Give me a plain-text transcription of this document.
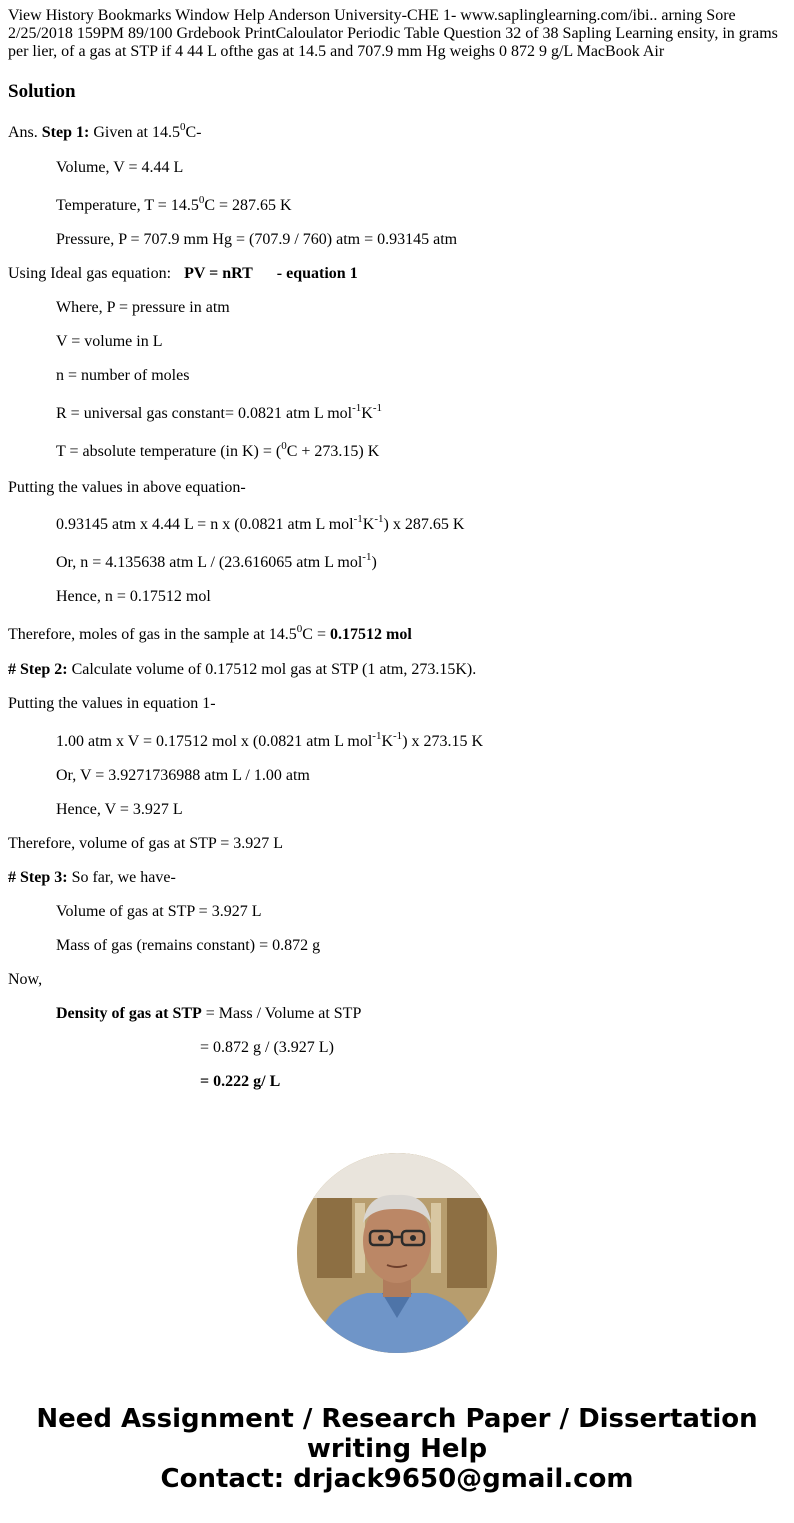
View History Bookmarks Window Help Anderson University-CHE 1- www.saplinglearning.com/ibi.. arning Sore 2/25/2018 159PM 89/100 Grdebook PrintCaloulator Periodic Table Question 32 of 38 Sapling Learning ensity, in grams per lier, of a gas at STP if 4 44 L ofthe gas at 14.5 and 707.9 mm Hg weighs 0 872 9 g/L MacBook Air
Solution
Ans. Step 1: Given at 14.5$^0$C-
Volume, V = 4.44 L
Temperature, $T = 14.5^0C = 287.65$ K
Pressure, P = 707.9 mm Hg = (707.9 / 760) atm = 0.93145 atm
Using Ideal gas equation: PV = nRT - equation 1
Where, P = pressure in atm
V = volume in L
n = number of moles
R = universal gas constant= 0.0821 atm L $mol^{-1}K^{-1}$
T = absolute temperature (in K) = ($^0$C + 273.15) K
Putting the values in above equation-
0.93145 atm x 4.44 L = n x (0.0821 atm L $mol^{-1}K^{-1}$) x 287.65 K
Or, n = 4.135638 atm L / (23.616065 atm L mol$^{-1}$)
Hence, n = 0.17512 mol
Therefore, moles of gas in the sample at $14.5^0C = 0.17512$ mol
# Step 2: Calculate volume of 0.17512 mol gas at STP (1 atm, 273.15K).
Putting the values in equation 1-
1.00 atm x V = 0.17512 mol x (0.0821 atm L $mol^{-1}K^{-1}$) x 273.15 K
Or, V = 3.9271736988 atm L / 1.00 atm
Hence, V = 3.927 L
Therefore, volume of gas at STP = 3.927 L
# Step 3: So far, we have-
Volume of gas at STP = 3.927 L
Mass of gas (remains constant) = 0.872 g
Now,
Density of gas at STP = Mass / Volume at STP
= 0.872 g / (3.927 L)
= 0.222 g/ L
Need Assignment / Research Paper / Dissertation
writing Help
Contact: drjack9650@gmail.com
